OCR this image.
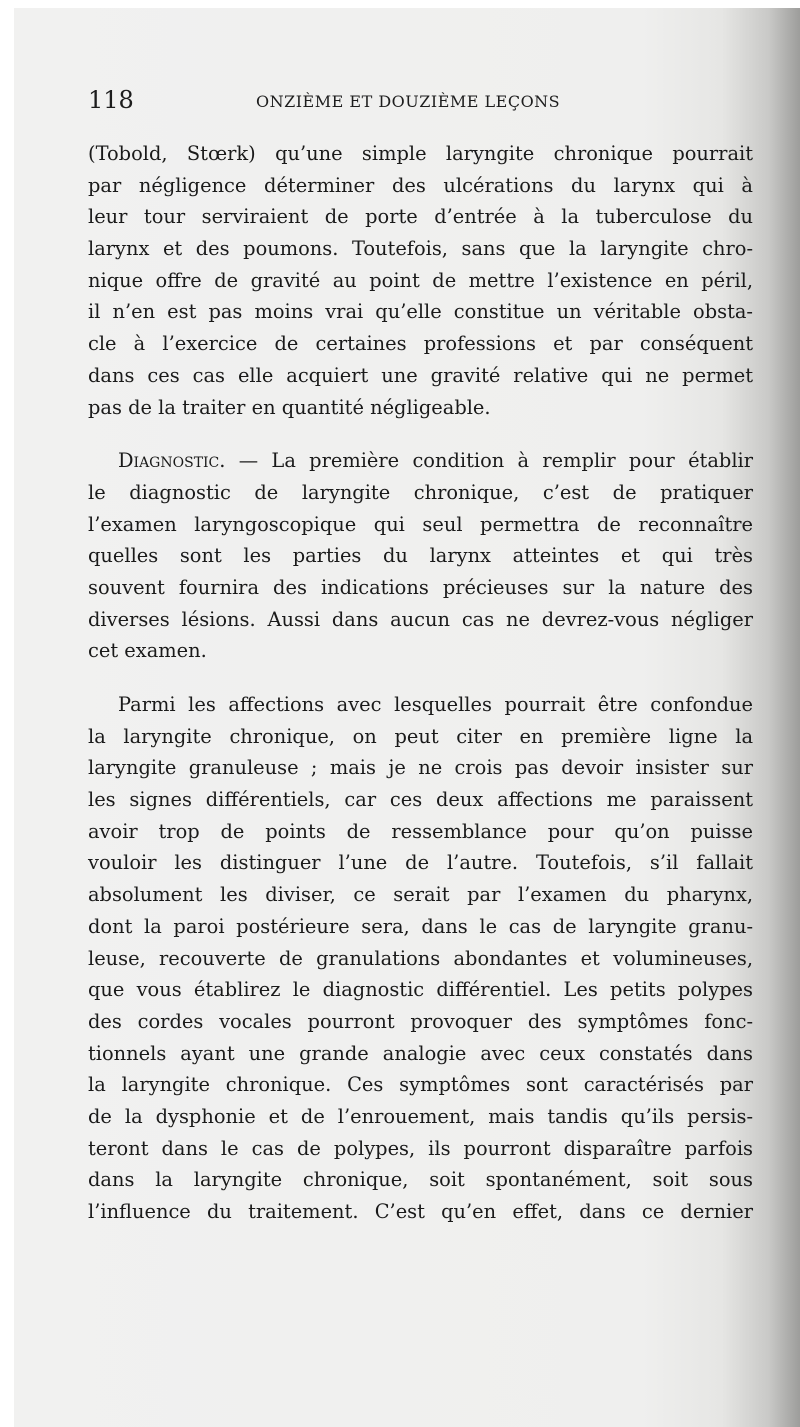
118	ONZIÈME ET DOUZIÈME LEÇONS
(Tobold, Stœrk) qu’une simple laryngite chronique pourrait
par négligence déterminer des ulcérations du larynx qui à
leur tour serviraient de porte d’entrée à la tuberculose du
larynx et des poumons. Toutefois, sans que la laryngite chro-
nique offre de gravité au point de mettre l’existence en péril,
il n’en est pas moins vrai qu’elle constitue un véritable obsta-
cle à l’exercice de certaines professions et par conséquent
dans ces cas elle acquiert une gravité relative qui ne permet
pas de la traiter en quantité négligeable.
Diagnostic. — La première condition à remplir pour établir
le diagnostic de laryngite chronique, c’est de pratiquer
l’examen laryngoscopique qui seul permettra de reconnaître
quelles sont les parties du larynx atteintes et qui très
souvent fournira des indications précieuses sur la nature des
diverses lésions. Aussi dans aucun cas ne devrez-vous négliger
cet examen.
Parmi les affections avec lesquelles pourrait être confondue
la laryngite chronique, on peut citer en première ligne la
laryngite granuleuse ; mais je ne crois pas devoir insister sur
les signes différentiels, car ces deux affections me paraissent
avoir trop de points de ressemblance pour qu’on puisse
vouloir les distinguer l’une de l’autre. Toutefois, s’il fallait
absolument les diviser, ce serait par l’examen du pharynx,
dont la paroi postérieure sera, dans le cas de laryngite granu-
leuse, recouverte de granulations abondantes et volumineuses,
que vous établirez le diagnostic différentiel. Les petits polypes
des cordes vocales pourront provoquer des symptômes fonc-
tionnels ayant une grande analogie avec ceux constatés dans
la laryngite chronique. Ces symptômes sont caractérisés par
de la dysphonie et de l’enrouement, mais tandis qu’ils persis-
teront dans le cas de polypes, ils pourront disparaître parfois
dans la laryngite chronique, soit spontanément, soit sous
l’influence du traitement. C’est qu’en effet, dans ce dernier
